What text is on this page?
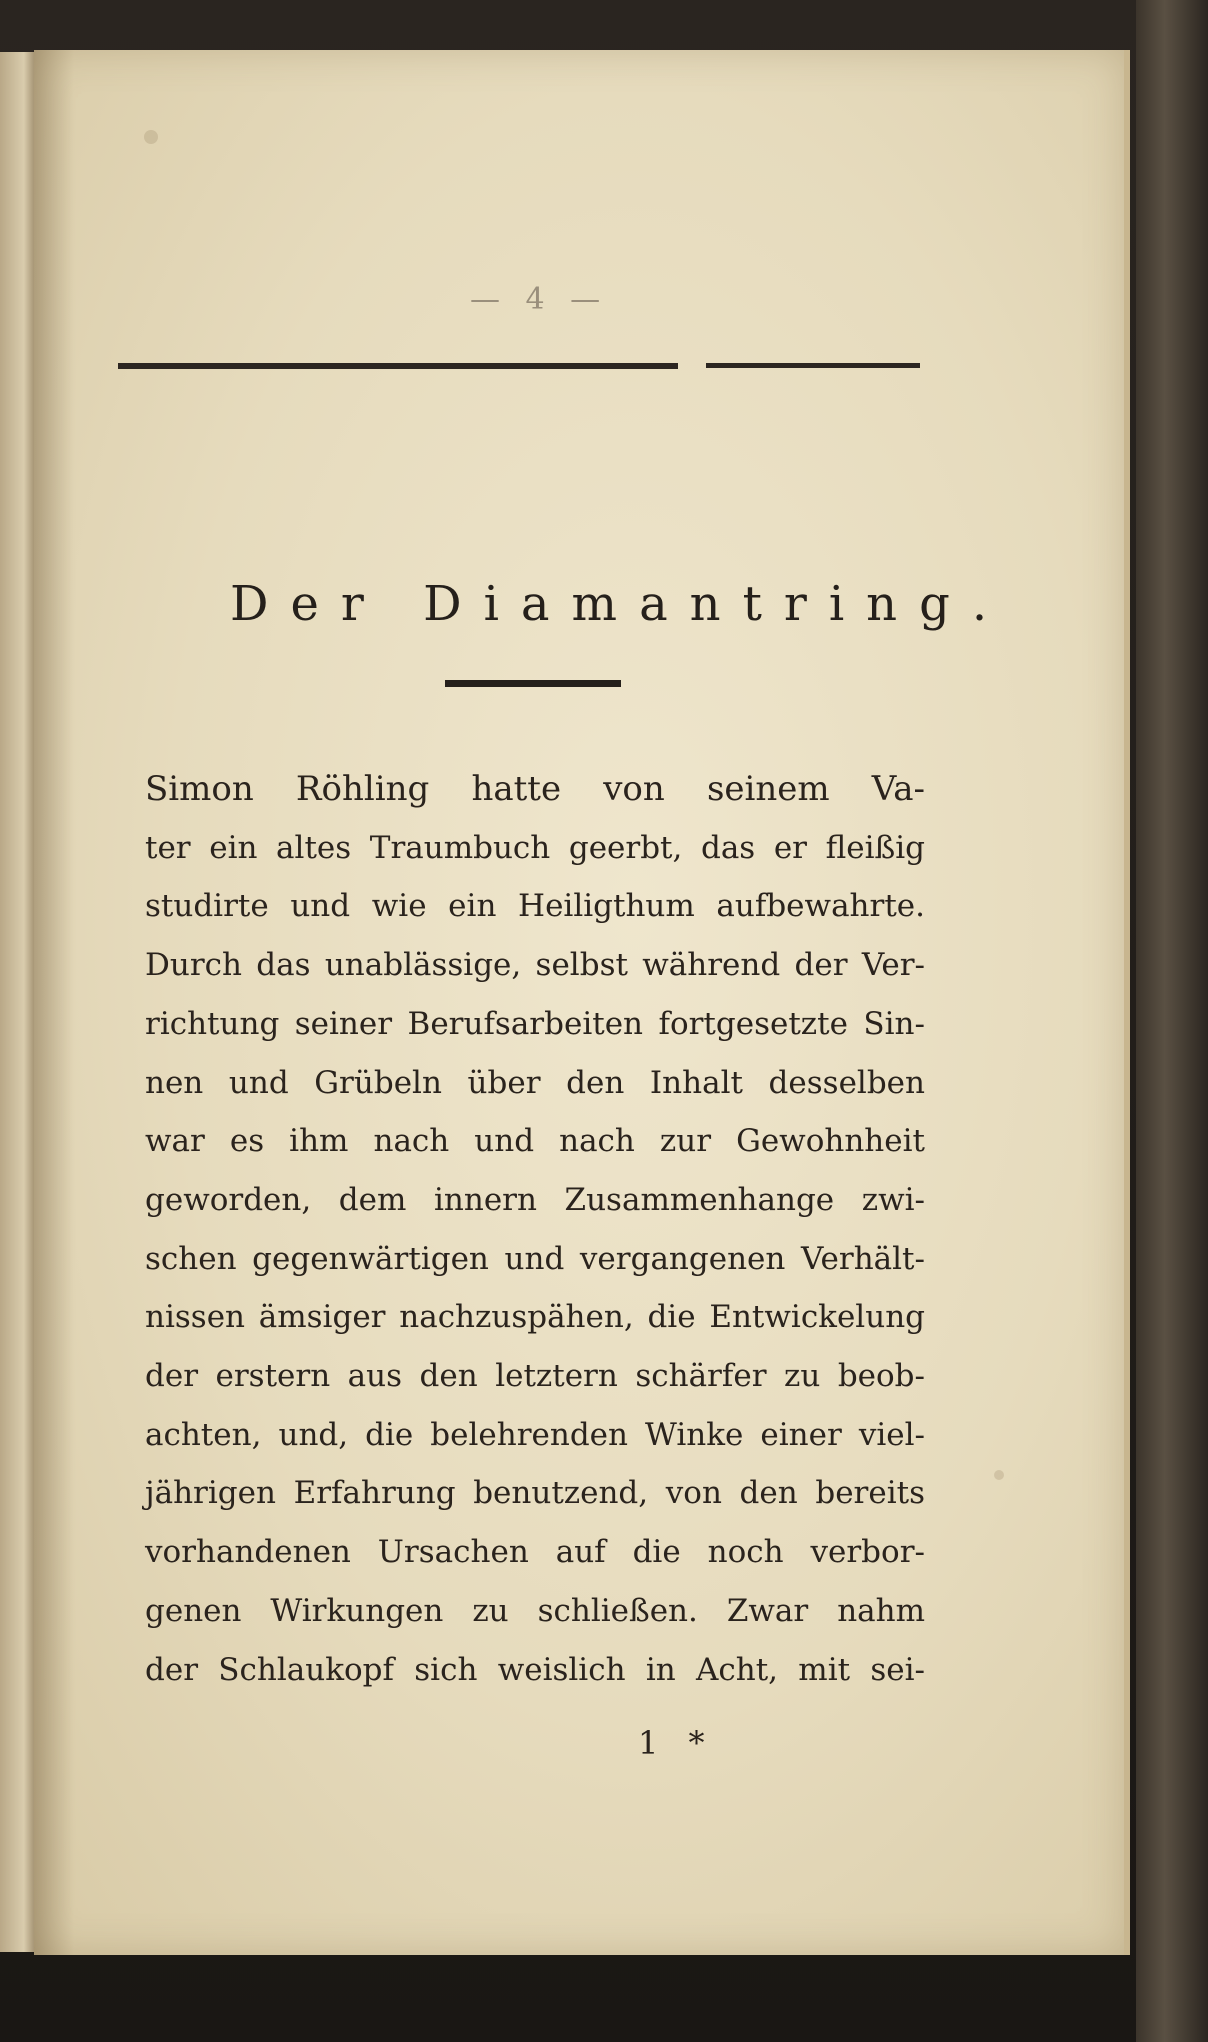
— 4 —
Der Diamantring.
Simon Röhling hatte von seinem Va-
ter ein altes Traumbuch geerbt, das er fleißig
studirte und wie ein Heiligthum aufbewahrte.
Durch das unablässige, selbst während der Ver-
richtung seiner Berufsarbeiten fortgesetzte Sin-
nen und Grübeln über den Inhalt desselben
war es ihm nach und nach zur Gewohnheit
geworden, dem innern Zusammenhange zwi-
schen gegenwärtigen und vergangenen Verhält-
nissen ämsiger nachzuspähen, die Entwickelung
der erstern aus den letztern schärfer zu beob-
achten, und, die belehrenden Winke einer viel-
jährigen Erfahrung benutzend, von den bereits
vorhandenen Ursachen auf die noch verbor-
genen Wirkungen zu schließen. Zwar nahm
der Schlaukopf sich weislich in Acht, mit sei-
1 *
